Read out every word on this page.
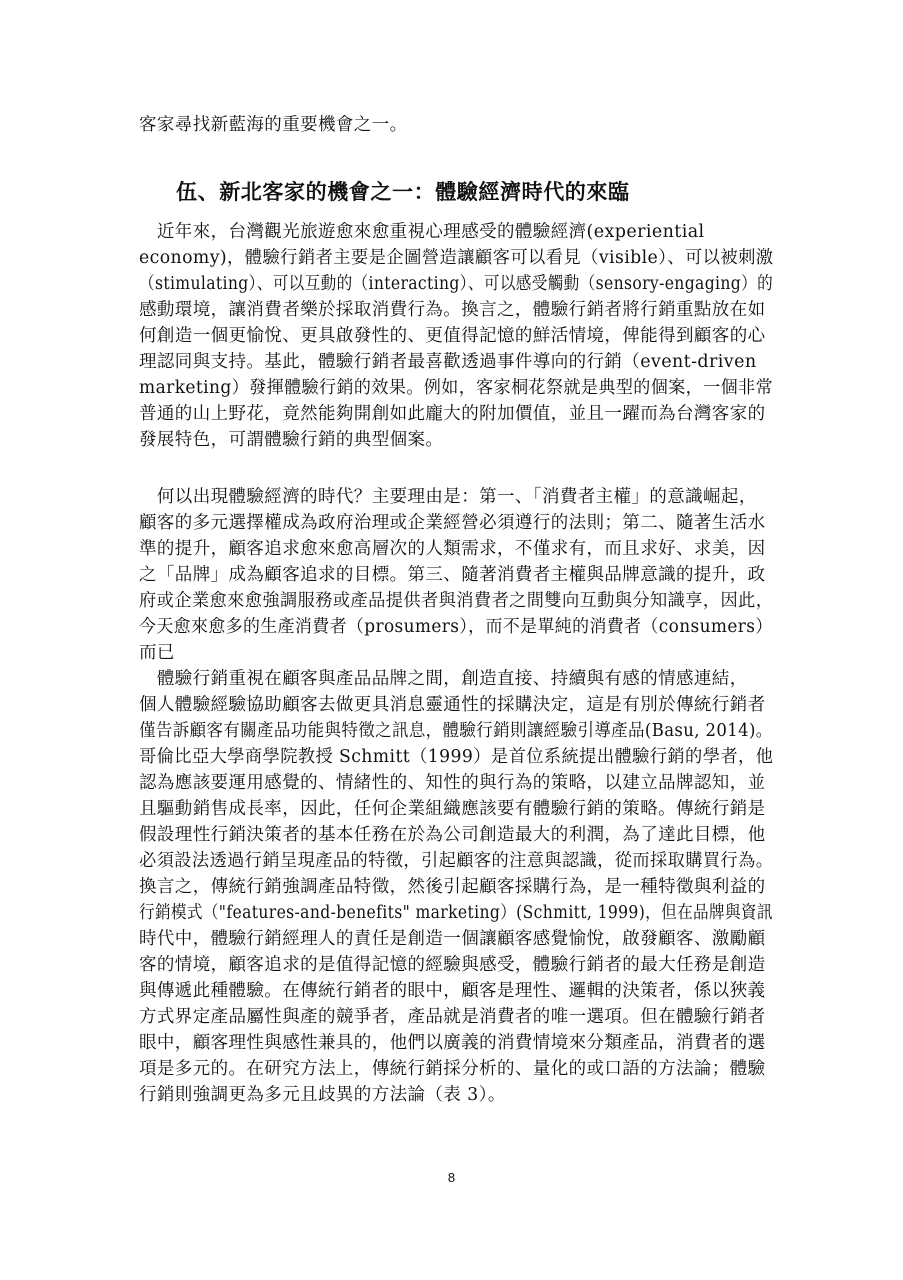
客家尋找新藍海的重要機會之一。
伍、新北客家的機會之一：體驗經濟時代的來臨
　近年來，台灣觀光旅遊愈來愈重視心理感受的體驗經濟(experiential
economy)，體驗行銷者主要是企圖營造讓顧客可以看見（visible）、可以被刺激
（stimulating）、可以互動的（interacting）、可以感受觸動（sensory-engaging）的
感動環境，讓消費者樂於採取消費行為。換言之，體驗行銷者將行銷重點放在如
何創造一個更愉悅、更具啟發性的、更值得記憶的鮮活情境，俾能得到顧客的心
理認同與支持。基此，體驗行銷者最喜歡透過事件導向的行銷（event-driven
marketing）發揮體驗行銷的效果。例如，客家桐花祭就是典型的個案，一個非常
普通的山上野花，竟然能夠開創如此龐大的附加價值，並且一躍而為台灣客家的
發展特色，可謂體驗行銷的典型個案。
　何以出現體驗經濟的時代？主要理由是：第一、「消費者主權」的意識崛起，
顧客的多元選擇權成為政府治理或企業經營必須遵行的法則；第二、隨著生活水
準的提升，顧客追求愈來愈高層次的人類需求，不僅求有，而且求好、求美，因
之「品牌」成為顧客追求的目標。第三、隨著消費者主權與品牌意識的提升，政
府或企業愈來愈強調服務或產品提供者與消費者之間雙向互動與分知識享，因此，
今天愈來愈多的生產消費者（prosumers），而不是單純的消費者（consumers）
而已
　體驗行銷重視在顧客與產品品牌之間，創造直接、持續與有感的情感連結，
個人體驗經驗協助顧客去做更具消息靈通性的採購決定，這是有別於傳統行銷者
僅告訴顧客有關產品功能與特徵之訊息，體驗行銷則讓經驗引導產品(Basu, 2014)。
哥倫比亞大學商學院教授 Schmitt（1999）是首位系統提出體驗行銷的學者，他
認為應該要運用感覺的、情緒性的、知性的與行為的策略，以建立品牌認知，並
且驅動銷售成長率，因此，任何企業組織應該要有體驗行銷的策略。傳統行銷是
假設理性行銷決策者的基本任務在於為公司創造最大的利潤，為了達此目標，他
必須設法透過行銷呈現產品的特徵，引起顧客的注意與認識，從而採取購買行為。
換言之，傳統行銷強調產品特徵，然後引起顧客採購行為，是一種特徵與利益的
行銷模式（"features-and-benefits" marketing）(Schmitt, 1999)，但在品牌與資訊
時代中，體驗行銷經理人的責任是創造一個讓顧客感覺愉悅，啟發顧客、激勵顧
客的情境，顧客追求的是值得記憶的經驗與感受，體驗行銷者的最大任務是創造
與傳遞此種體驗。在傳統行銷者的眼中，顧客是理性、邏輯的決策者，係以狹義
方式界定產品屬性與產的競爭者，產品就是消費者的唯一選項。但在體驗行銷者
眼中，顧客理性與感性兼具的，他們以廣義的消費情境來分類產品，消費者的選
項是多元的。在研究方法上，傳統行銷採分析的、量化的或口語的方法論；體驗
行銷則強調更為多元且歧異的方法論（表 3）。
8
